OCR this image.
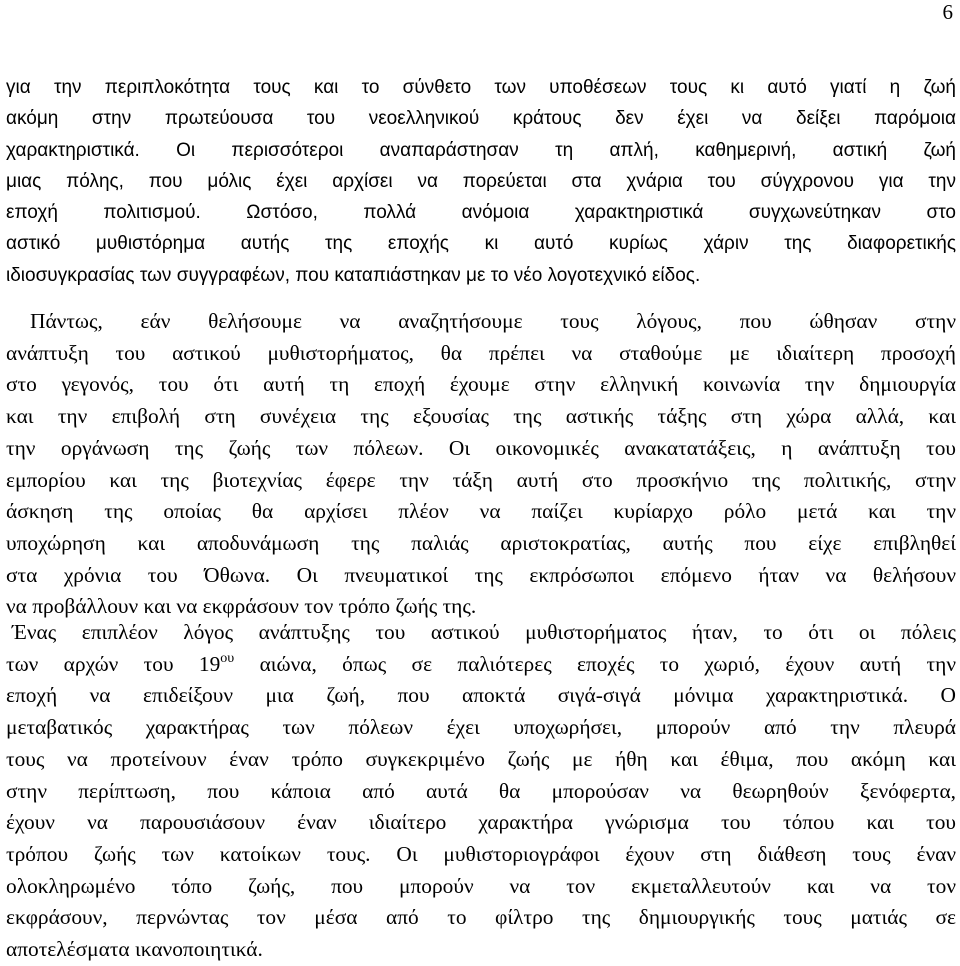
6
για την περιπλοκότητα τους και το σύνθετο των υποθέσεων τους κι αυτό γιατί η ζωή
ακόμη στην πρωτεύουσα του νεοελληνικού κράτους δεν έχει να δείξει παρόμοια
χαρακτηριστικά. Οι περισσότεροι αναπαράστησαν τη απλή, καθημερινή, αστική ζωή
μιας πόλης, που μόλις έχει αρχίσει να πορεύεται στα χνάρια του σύγχρονου για την
εποχή πολιτισμού. Ωστόσο, πολλά ανόμοια χαρακτηριστικά συγχωνεύτηκαν στο
αστικό μυθιστόρημα αυτής της εποχής κι αυτό κυρίως χάριν της διαφορετικής
ιδιοσυγκρασίας των συγγραφέων, που καταπιάστηκαν με το νέο λογοτεχνικό είδος.
Πάντως, εάν θελήσουμε να αναζητήσουμε τους λόγους, που ώθησαν στην
ανάπτυξη του αστικού μυθιστορήματος, θα πρέπει να σταθούμε με ιδιαίτερη προσοχή
στο γεγονός, του ότι αυτή τη εποχή έχουμε στην ελληνική κοινωνία την δημιουργία
και την επιβολή στη συνέχεια της εξουσίας της αστικής τάξης στη χώρα αλλά, και
την οργάνωση της ζωής των πόλεων. Οι οικονομικές ανακατατάξεις, η ανάπτυξη του
εμπορίου και της βιοτεχνίας έφερε την τάξη αυτή στο προσκήνιο της πολιτικής, στην
άσκηση της οποίας θα αρχίσει πλέον να παίζει κυρίαρχο ρόλο μετά και την
υποχώρηση και αποδυνάμωση της παλιάς αριστοκρατίας, αυτής που είχε επιβληθεί
στα χρόνια του Όθωνα. Οι πνευματικοί της εκπρόσωποι επόμενο ήταν να θελήσουν
να προβάλλουν και να εκφράσουν τον τρόπο ζωής της.
Ένας επιπλέον λόγος ανάπτυξης του αστικού μυθιστορήματος ήταν, το ότι οι πόλεις
των αρχών του $19^{o\upsilon}$ αιώνα, όπως σε παλιότερες εποχές το χωριό, έχουν αυτή την
εποχή να επιδείξουν μια ζωή, που αποκτά σιγά-σιγά μόνιμα χαρακτηριστικά. Ο
μεταβατικός χαρακτήρας των πόλεων έχει υποχωρήσει, μπορούν από την πλευρά
τους να προτείνουν έναν τρόπο συγκεκριμένο ζωής με ήθη και έθιμα, που ακόμη και
στην περίπτωση, που κάποια από αυτά θα μπορούσαν να θεωρηθούν ξενόφερτα,
έχουν να παρουσιάσουν έναν ιδιαίτερο χαρακτήρα γνώρισμα του τόπου και του
τρόπου ζωής των κατοίκων τους. Οι μυθιστοριογράφοι έχουν στη διάθεση τους έναν
ολοκληρωμένο τόπο ζωής, που μπορούν να τον εκμεταλλευτούν και να τον
εκφράσουν, περνώντας τον μέσα από το φίλτρο της δημιουργικής τους ματιάς σε
αποτελέσματα ικανοποιητικά.
